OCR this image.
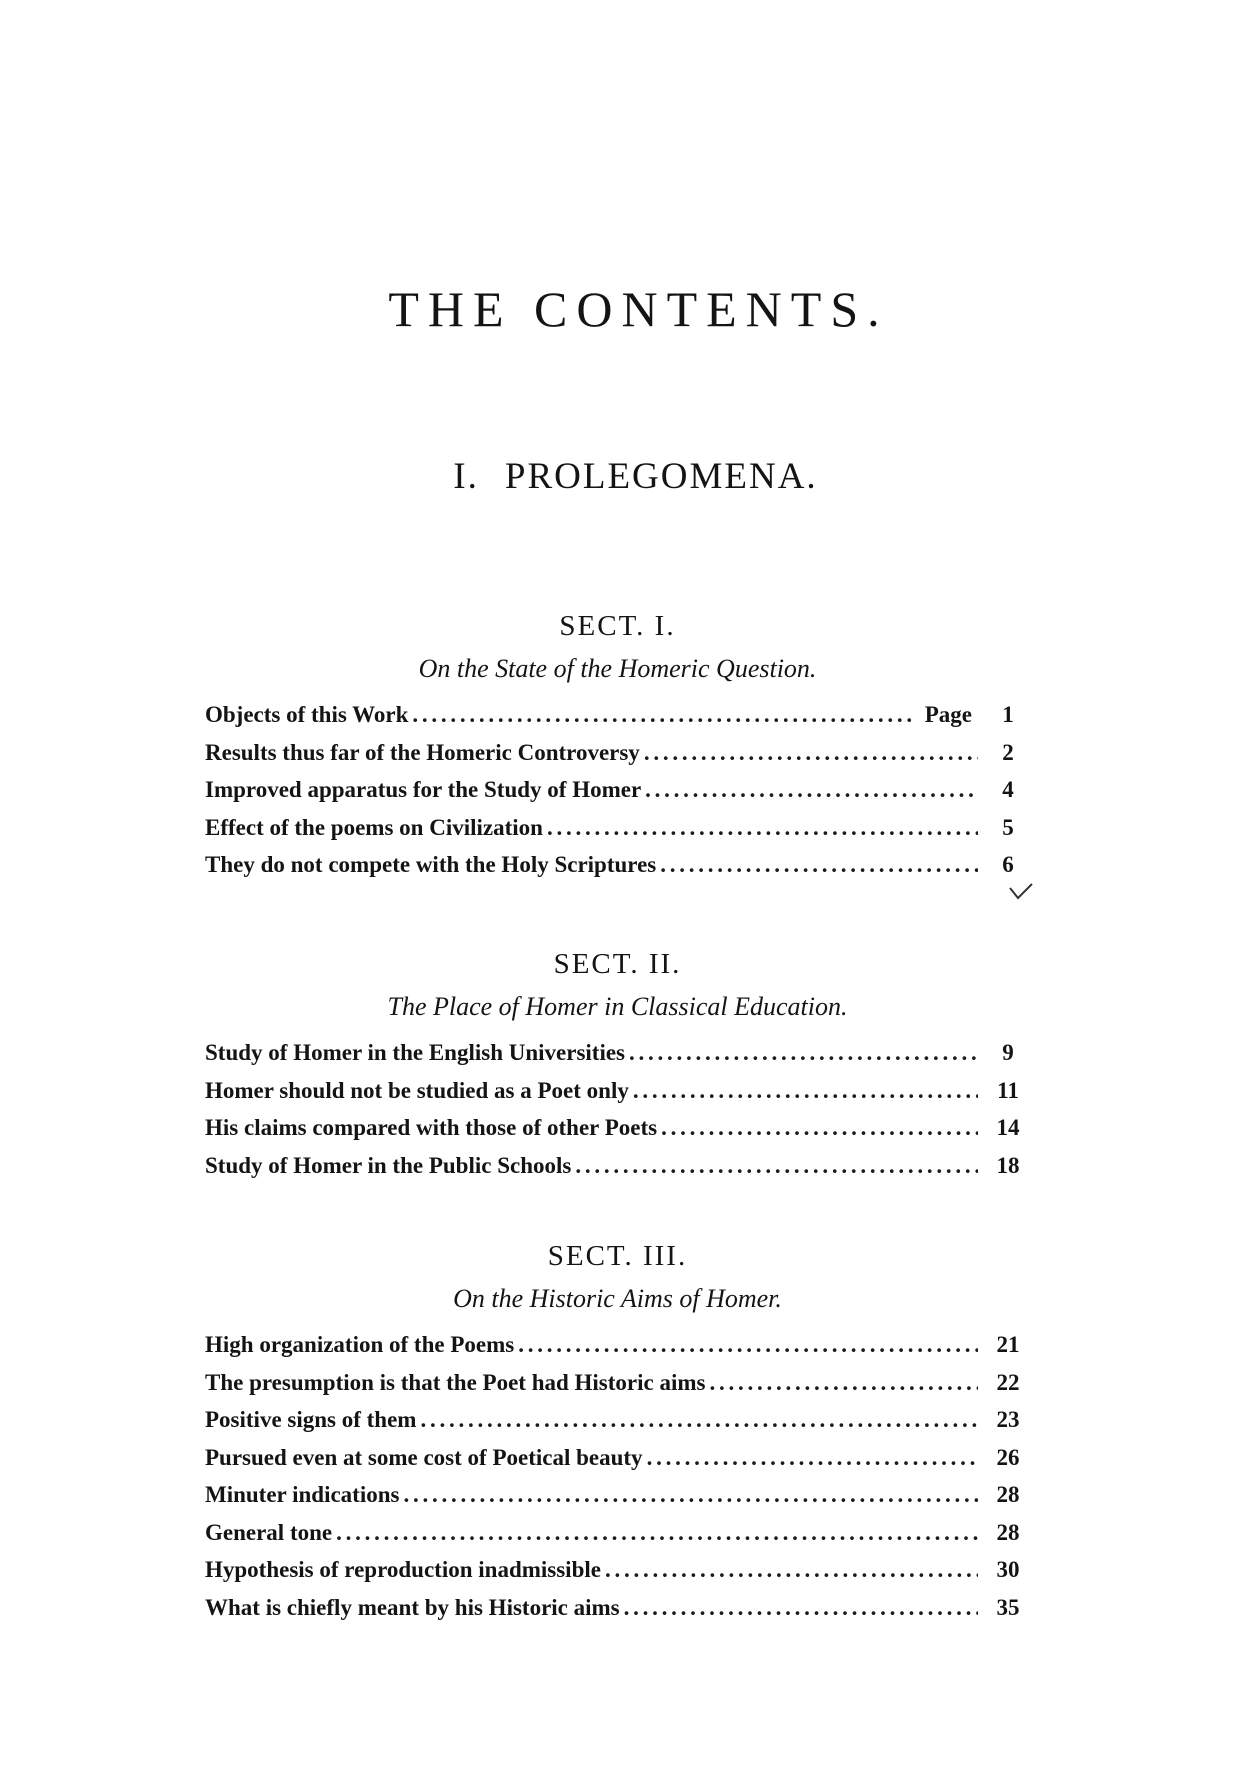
THE CONTENTS.
I. PROLEGOMENA.
SECT. I.

On the State of the Homeric Question.

Objects of this Work . . .	Page	1
Results thus far of the Homeric Controversy . . .	2
Improved apparatus for the Study of Homer . . .	4
Effect of the poems on Civilization . . .	5
They do not compete with the Holy Scriptures . . .	6
SECT. II.

The Place of Homer in Classical Education.

Study of Homer in the English Universities . . .	9
Homer should not be studied as a Poet only . . .	11
His claims compared with those of other Poets . . .	14
Study of Homer in the Public Schools . . .	18
SECT. III.

On the Historic Aims of Homer.

High organization of the Poems . . .	21
The presumption is that the Poet had Historic aims . . .	22
Positive signs of them . . .	23
Pursued even at some cost of Poetical beauty . . .	26
Minuter indications . . .	28
General tone . . .	28
Hypothesis of reproduction inadmissible . . .	30
What is chiefly meant by his Historic aims . . .	35
